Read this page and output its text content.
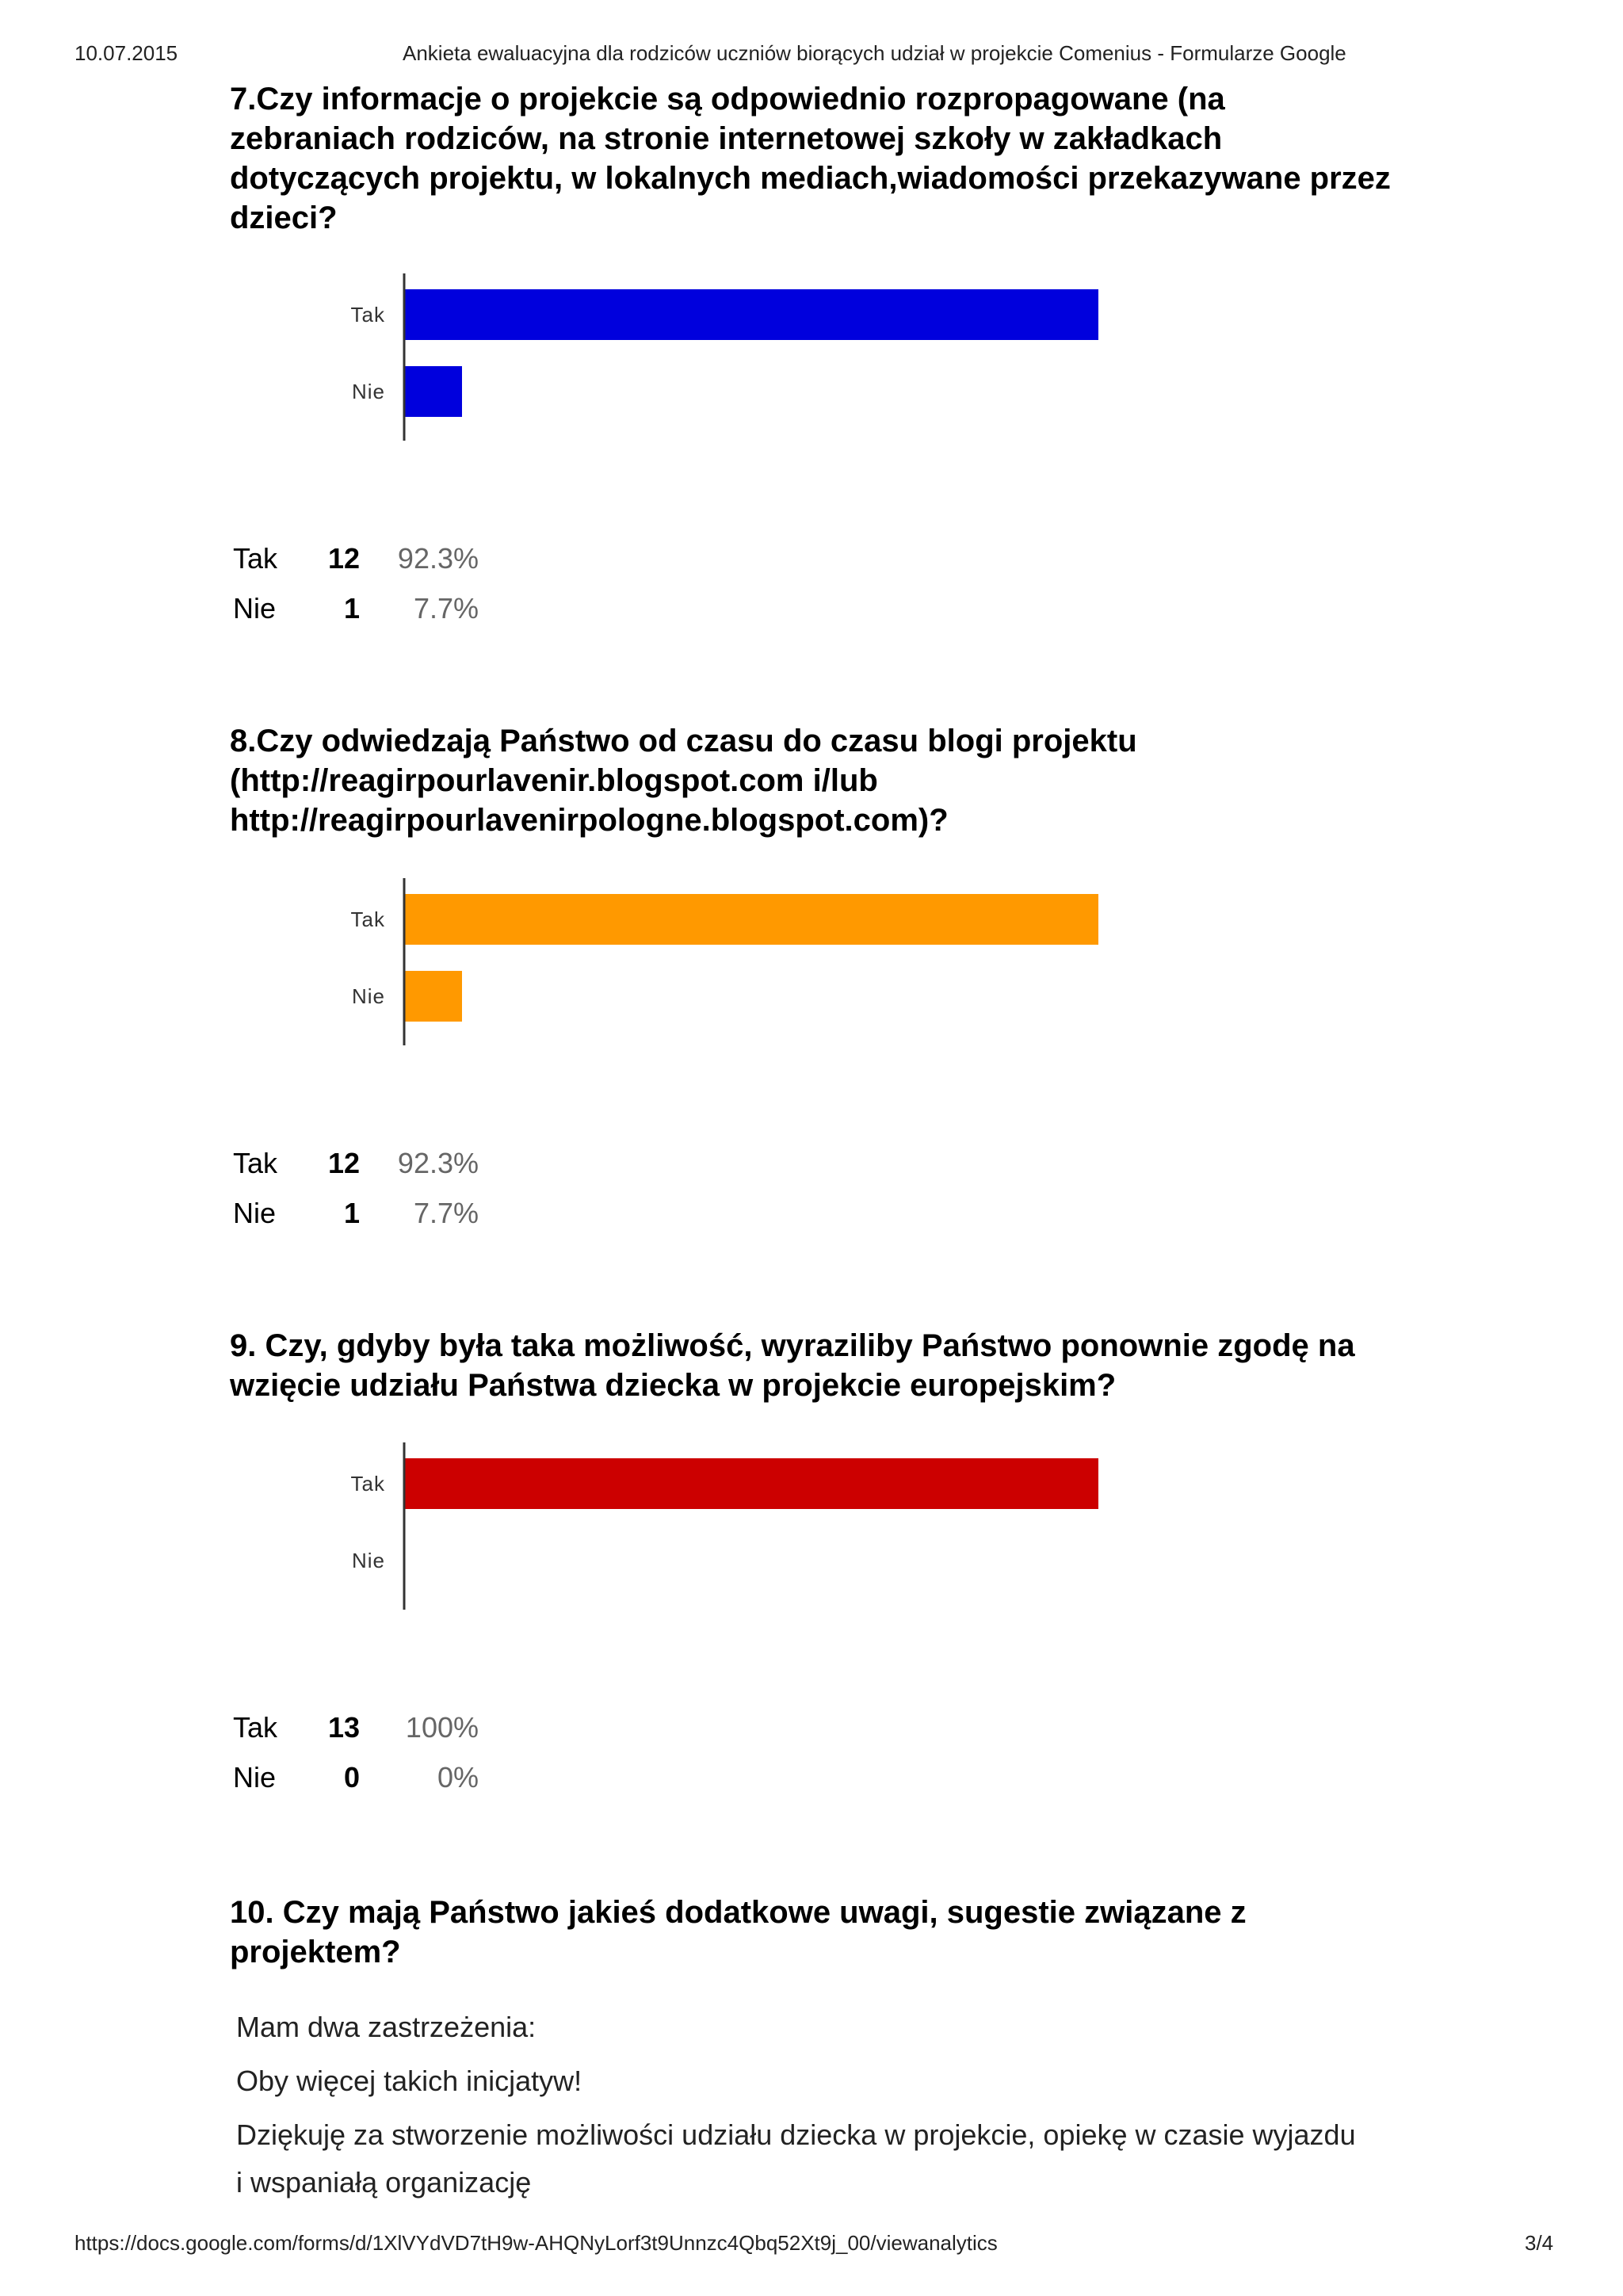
10.07.2015	Ankieta ewaluacyjna dla rodziców uczniów biorących udział w projekcie Comenius - Formularze Google
7.Czy informacje o projekcie są odpowiednio rozpropagowane (na
zebraniach rodziców, na stronie internetowej szkoły w zakładkach
dotyczących projektu, w lokalnych mediach,wiadomości przekazywane przez
dzieci?
Tak
Nie
Tak	12	92.3%
Nie	1	7.7%
8.Czy odwiedzają Państwo od czasu do czasu blogi projektu
(http://reagirpourlavenir.blogspot.com i/lub
http://reagirpourlavenirpologne.blogspot.com)?
Tak
Nie
Tak	12	92.3%
Nie	1	7.7%
9. Czy, gdyby była taka możliwość, wyraziliby Państwo ponownie zgodę na
wzięcie udziału Państwa dziecka w projekcie europejskim?
Tak
Nie
Tak	13	100%
Nie	0	0%
10. Czy mają Państwo jakieś dodatkowe uwagi, sugestie związane z
projektem?

Mam dwa zastrzeżenia:

Oby więcej takich inicjatyw!

Dziękuję za stworzenie możliwości udziału dziecka w projekcie, opiekę w czasie wyjazdu i wspaniałą organizację

https://docs.google.com/forms/d/1XlVYdVD7tH9w-AHQNyLorf3t9Unnzc4Qbq52Xt9j_00/viewanalytics	3/4
